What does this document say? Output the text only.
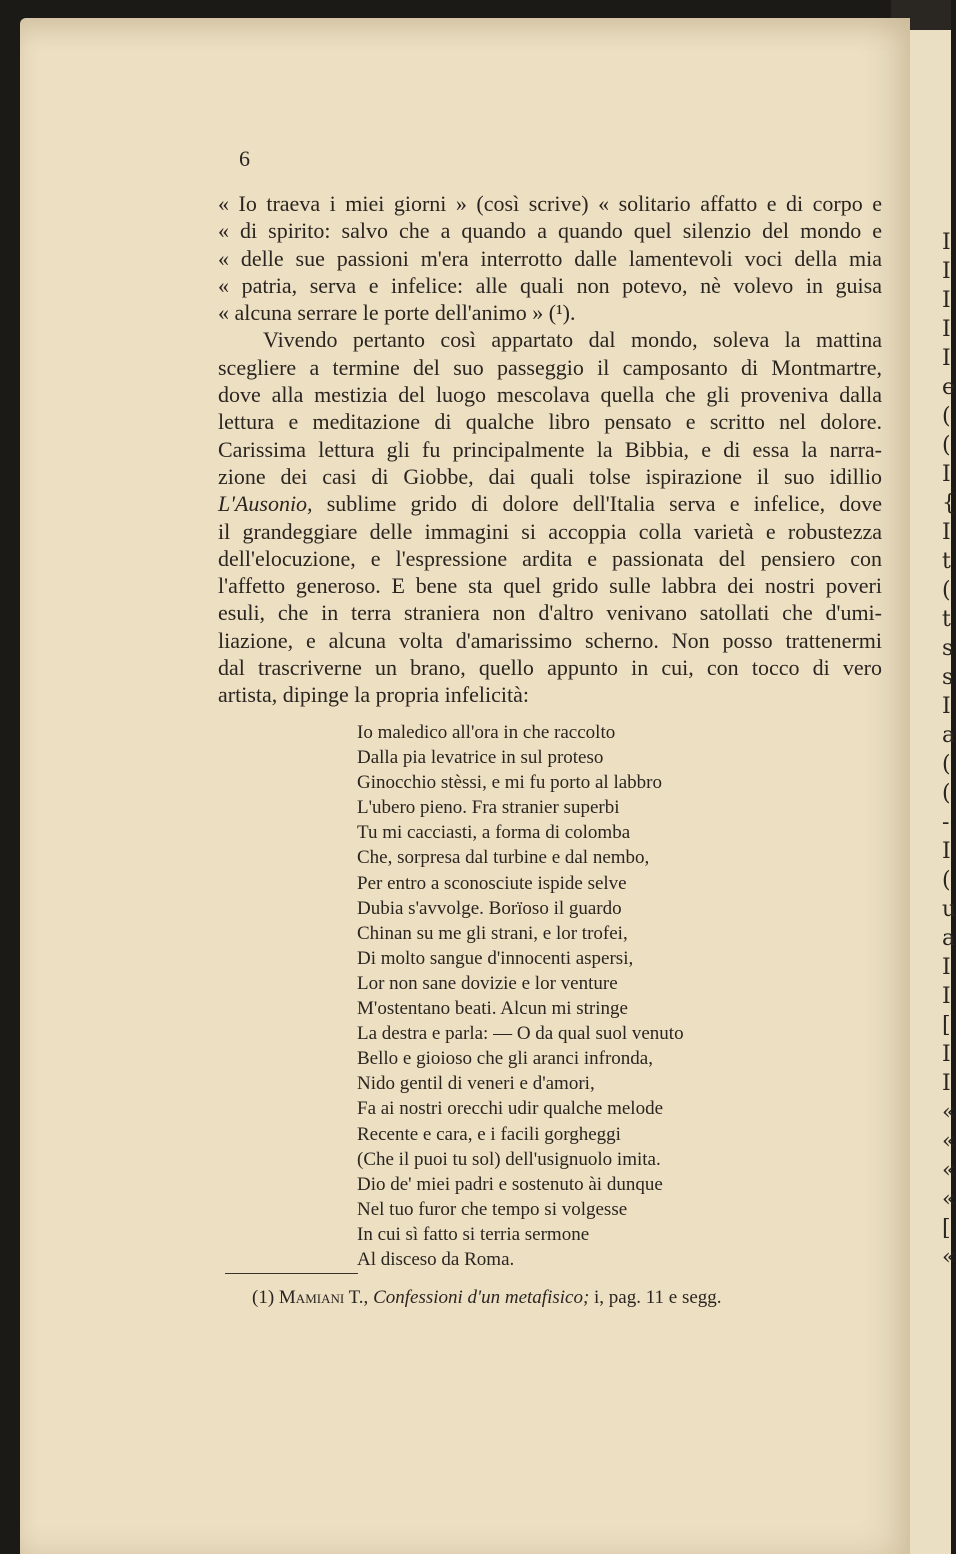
I
I
I
I
I
e
(
(
I
{
I
t
(
t
s
s
I
a
(
(
-
I
(
u
a
I
I
[
I
I
«
«
«
«
[
«
6
« Io traeva i miei giorni » (così scrive) « solitario affatto e di corpo e
« di spirito: salvo che a quando a quando quel silenzio del mondo e
« delle sue passioni m'era interrotto dalle lamentevoli voci della mia
« patria, serva e infelice: alle quali non potevo, nè volevo in guisa
« alcuna serrare le porte dell'animo » (¹).
Vivendo pertanto così appartato dal mondo, soleva la mattina
scegliere a termine del suo passeggio il camposanto di Montmartre,
dove alla mestizia del luogo mescolava quella che gli proveniva dalla
lettura e meditazione di qualche libro pensato e scritto nel dolore.
Carissima lettura gli fu principalmente la Bibbia, e di essa la narra-
zione dei casi di Giobbe, dai quali tolse ispirazione il suo idillio
L'Ausonio, sublime grido di dolore dell'Italia serva e infelice, dove
il grandeggiare delle immagini si accoppia colla varietà e robustezza
dell'elocuzione, e l'espressione ardita e passionata del pensiero con
l'affetto generoso. E bene sta quel grido sulle labbra dei nostri poveri
esuli, che in terra straniera non d'altro venivano satollati che d'umi-
liazione, e alcuna volta d'amarissimo scherno. Non posso trattenermi
dal trascriverne un brano, quello appunto in cui, con tocco di vero
artista, dipinge la propria infelicità:
Io maledico all'ora in che raccolto
Dalla pia levatrice in sul proteso
Ginocchio stèssi, e mi fu porto al labbro
L'ubero pieno. Fra stranier superbi
Tu mi cacciasti, a forma di colomba
Che, sorpresa dal turbine e dal nembo,
Per entro a sconosciute ispide selve
Dubia s'avvolge. Borïoso il guardo
Chinan su me gli strani, e lor trofei,
Di molto sangue d'innocenti aspersi,
Lor non sane dovizie e lor venture
M'ostentano beati. Alcun mi stringe
La destra e parla: — O da qual suol venuto
Bello e gioioso che gli aranci infronda,
Nido gentil di veneri e d'amori,
Fa ai nostri orecchi udir qualche melode
Recente e cara, e i facili gorgheggi
(Che il puoi tu sol) dell'usignuolo imita.
Dio de' miei padri e sostenuto ài dunque
Nel tuo furor che tempo si volgesse
In cui sì fatto si terria sermone
Al disceso da Roma.
(1) Mamiani T., Confessioni d'un metafisico; i, pag. 11 e segg.
